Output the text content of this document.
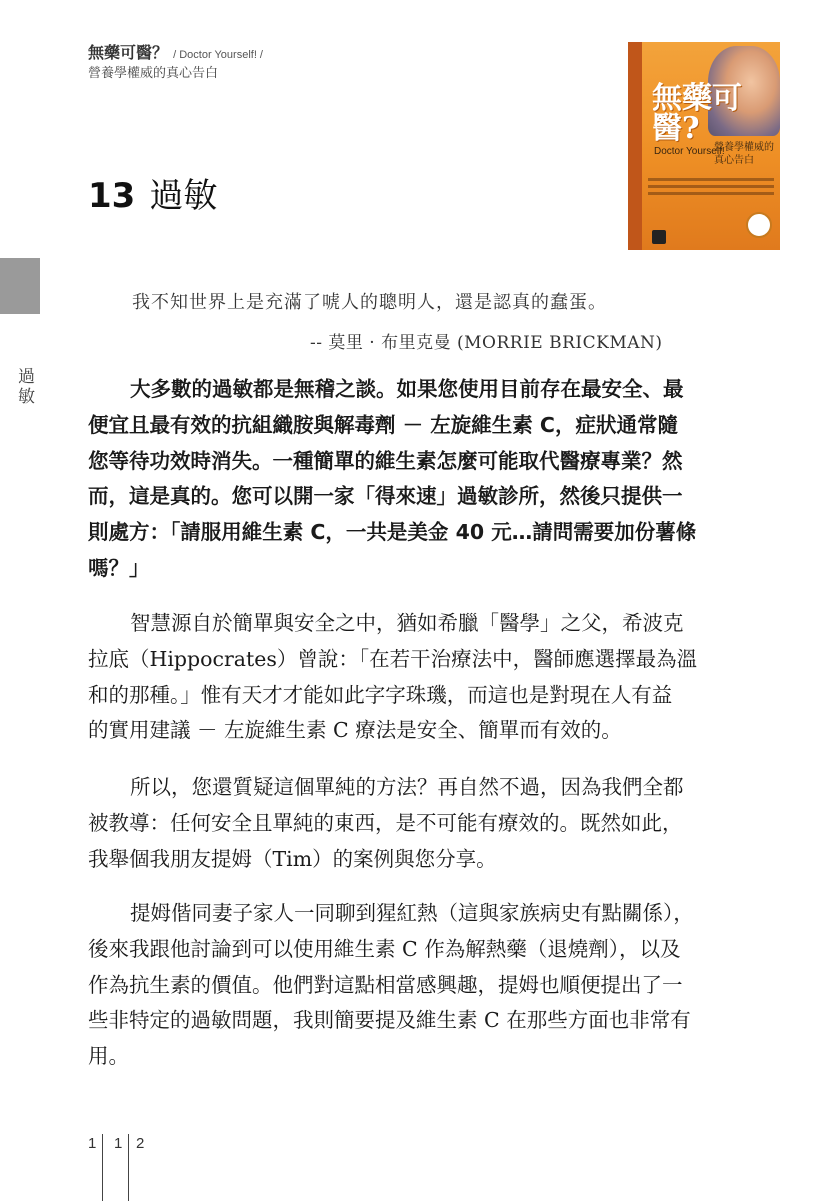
無藥可醫？ / Doctor Yourself! /
營養學權威的真心告白
無藥可醫?
Doctor Yourself!
營養學權威的真心告白
13 過敏
過敏
我不知世界上是充滿了唬人的聰明人，還是認真的蠢蛋。
-- 莫里 · 布里克曼 (MORRIE BRICKMAN)
大多數的過敏都是無稽之談。如果您使用目前存在最安全、最
便宜且最有效的抗組織胺與解毒劑 － 左旋維生素 C，症狀通常隨
您等待功效時消失。一種簡單的維生素怎麼可能取代醫療專業？然
而，這是真的。您可以開一家「得來速」過敏診所，然後只提供一
則處方：「請服用維生素 C，一共是美金 40 元…請問需要加份薯條
嗎？」
智慧源自於簡單與安全之中，猶如希臘「醫學」之父，希波克
拉底（Hippocrates）曾說：「在若干治療法中，醫師應選擇最為溫
和的那種。」惟有天才才能如此字字珠璣，而這也是對現在人有益
的實用建議 － 左旋維生素 C 療法是安全、簡單而有效的。
所以，您還質疑這個單純的方法？再自然不過，因為我們全都
被教導：任何安全且單純的東西，是不可能有療效的。既然如此，
我舉個我朋友提姆（Tim）的案例與您分享。
提姆偕同妻子家人一同聊到猩紅熱（這與家族病史有點關係），
後來我跟他討論到可以使用維生素 C 作為解熱藥（退燒劑），以及
作為抗生素的價值。他們對這點相當感興趣，提姆也順便提出了一
些非特定的過敏問題，我則簡要提及維生素 C 在那些方面也非常有
用。
1 1 2
